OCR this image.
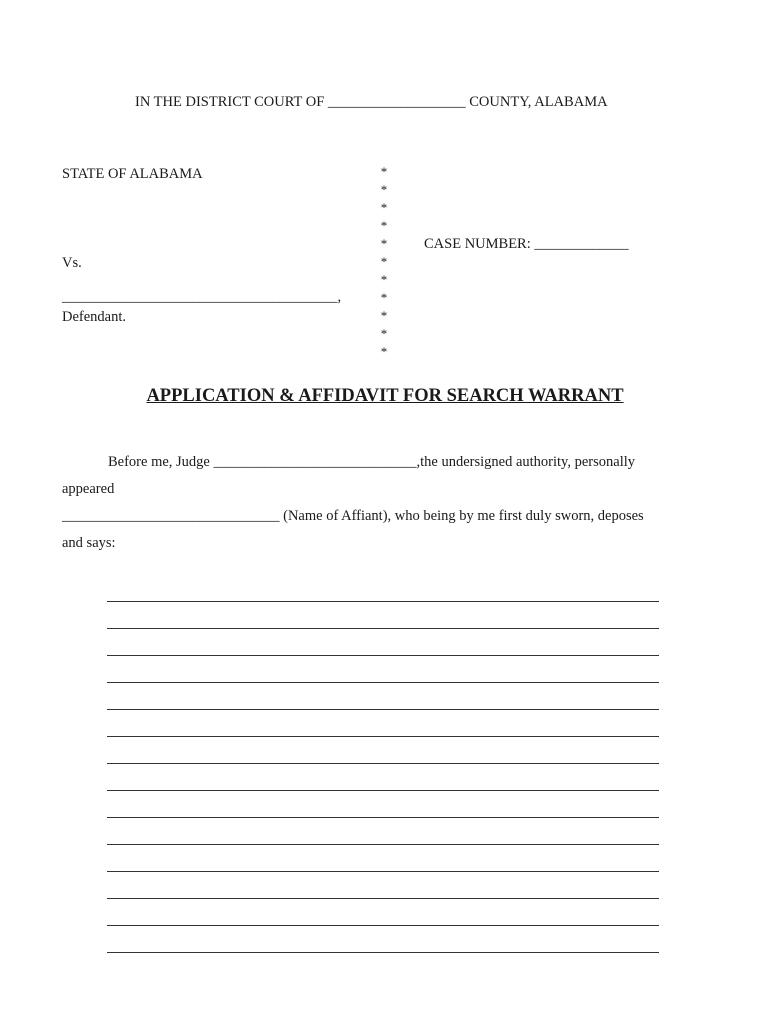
IN THE DISTRICT COURT OF ___________________ COUNTY, ALABAMA
STATE OF ALABAMA
Vs.
______________________________________,
Defendant.
*
*
*
*
*
*
*
*
*
*
*
CASE NUMBER: _____________
APPLICATION & AFFIDAVIT FOR SEARCH WARRANT
Before me, Judge ____________________________,the undersigned authority, personally
appeared
______________________________ (Name of Affiant), who being by me first duly sworn, deposes
and says:
